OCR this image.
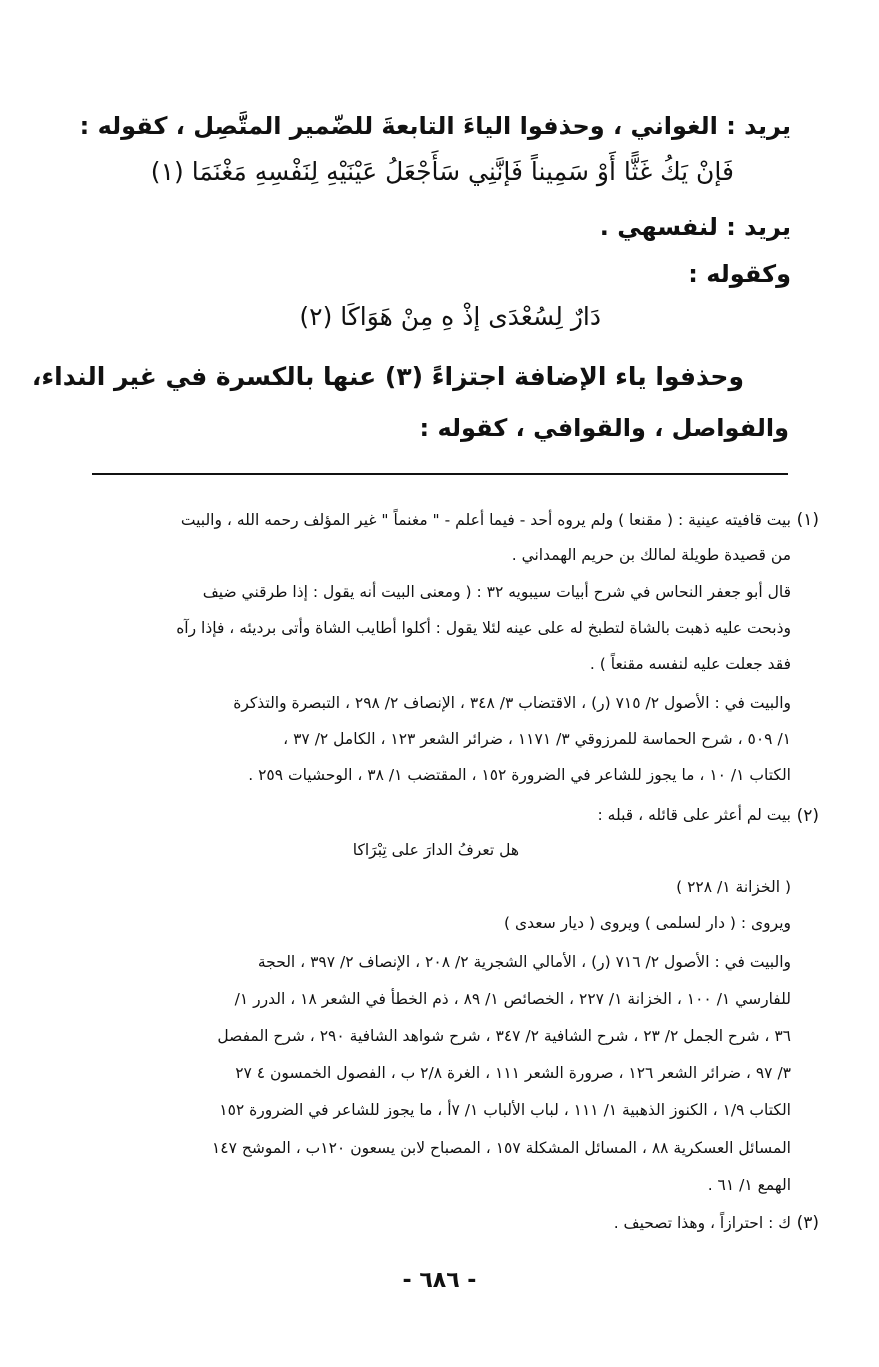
يريد : الغواني ، وحذفوا الياءَ التابعةَ للضّمير المتَّصِل ، كقوله :
فَإنْ يَكُ غَثًّا أَوْ سَمِيناً فَإنَّنِي سَأَجْعَلُ عَيْنَيْهِ لِنَفْسِهِ مَغْنَمَا (١)
يريد : لنفسهي .
وكقوله :
دَارٌ لِسُعْدَى إذْ هِ مِنْ هَوَاكَا (٢)
وحذفوا ياء الإضافة اجتزاءً (٣) عنها بالكسرة في غير النداء،
والفواصل ، والقوافي ، كقوله :
(١)
بيت قافيته عينية : ( مقنعا ) ولم يروه أحد - فيما أعلم - " مغنماً " غير المؤلف رحمه الله ، والبيت
من قصيدة طويلة لمالك بن حريم الهمداني .
قال أبو جعفر النحاس في شرح أبيات سيبويه ٣٢ : ( ومعنى البيت أنه يقول : إذا طرقني ضيف
وذبحت عليه ذهبت بالشاة لتطبخ له على عينه لئلا يقول : أكلوا أطايب الشاة وأتى برديئه ، فإذا رآه
فقد جعلت عليه لنفسه مقنعاً ) .
والبيت في : الأصول ٢/ ٧١٥ (ر) ، الاقتضاب ٣/ ٣٤٨ ، الإنصاف ٢/ ٢٩٨ ، التبصرة والتذكرة
١/ ٥٠٩ ، شرح الحماسة للمرزوقي ٣/ ١١٧١ ، ضرائر الشعر ١٢٣ ، الكامل ٢/ ٣٧ ،
الكتاب ١/ ١٠ ، ما يجوز للشاعر في الضرورة ١٥٢ ، المقتضب ١/ ٣٨ ، الوحشيات ٢٥٩ .
(٢)
بيت لم أعثر على قائله ، قبله :
هل تعرفُ الدارَ على تِبْرَاكا
( الخزانة ١/ ٢٢٨ )
ويروى : ( دار لسلمى ) ويروى ( ديار سعدى )
والبيت في : الأصول ٢/ ٧١٦ (ر) ، الأمالي الشجرية ٢/ ٢٠٨ ، الإنصاف ٢/ ٣٩٧ ، الحجة
للفارسي ١/ ١٠٠ ، الخزانة ١/ ٢٢٧ ، الخصائص ١/ ٨٩ ، ذم الخطأ في الشعر ١٨ ، الدرر ١/
٣٦ ، شرح الجمل ٢/ ٢٣ ، شرح الشافية ٢/ ٣٤٧ ، شرح شواهد الشافية ٢٩٠ ، شرح المفصل
٣/ ٩٧ ، ضرائر الشعر ١٢٦ ، صرورة الشعر ١١١ ، الغرة ٢/٨ ب ، الفصول الخمسون ٤ ٢٧
الكتاب ١/٩ ، الكنوز الذهبية ١/ ١١١ ، لباب الألباب ١/ ٧أ ، ما يجوز للشاعر في الضرورة ١٥٢
المسائل العسكرية ٨٨ ، المسائل المشكلة ١٥٧ ، المصباح لابن يسعون ١٢٠ب ، الموشح ١٤٧
الهمع ١/ ٦١ .
(٣)
ك : احترازاً ، وهذا تصحيف .
- ٦٨٦ -
